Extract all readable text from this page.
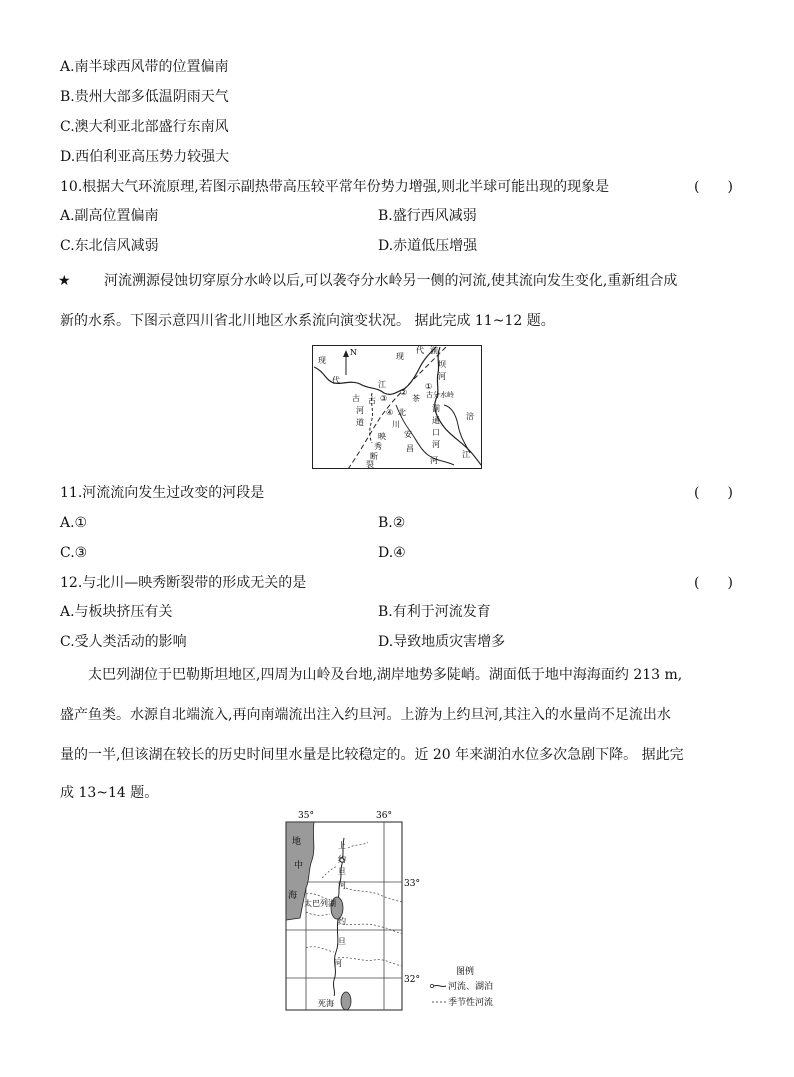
A.南半球西风带的位置偏南
B.贵州大部多低温阴雨天气
C.澳大利亚北部盛行东南风
D.西伯利亚高压势力较强大
10.根据大气环流原理,若图示副热带高压较平常年份势力增强,则北半球可能出现的现象是	(　　)
A.副高位置偏南	B.盛行西风减弱
C.东北信风减弱	D.赤道低压增强
★ 河流溯源侵蚀切穿原分水岭以后,可以袭夺分水岭另一侧的河流,使其流向发生变化,重新组合成
新的水系。下图示意四川省北川地区水系流向演变状况。 据此完成 11~12 题。
N
现
代
现
代 湔
坝
河
江
古
①
②
③
④
古分水岭
茶
湔
通
口
河
古
河
道
北
川
安
昌
河
映
秀
断
裂
涪
江
11.河流流向发生过改变的河段是	(　　)
A.①	B.②
C.③	D.④
12.与北川—映秀断裂带的形成无关的是	(　　)
A.与板块挤压有关	B.有利于河流发育
C.受人类活动的影响	D.导致地质灾害增多
太巴列湖位于巴勒斯坦地区,四周为山岭及台地,湖岸地势多陡峭。湖面低于地中海海面约 213 m,
盛产鱼类。水源自北端流入,再向南端流出注入约旦河。上游为上约旦河,其注入的水量尚不足流出水
量的一半,但该湖在较长的历史时间里水量是比较稳定的。近 20 年来湖泊水位多次急剧下降。 据此完
成 13~14 题。
35°	36°
33°
32°
地
中
海
上
约
旦
河
太巴列湖
约
旦
河
死海
图例
河流、湖泊
季节性河流
